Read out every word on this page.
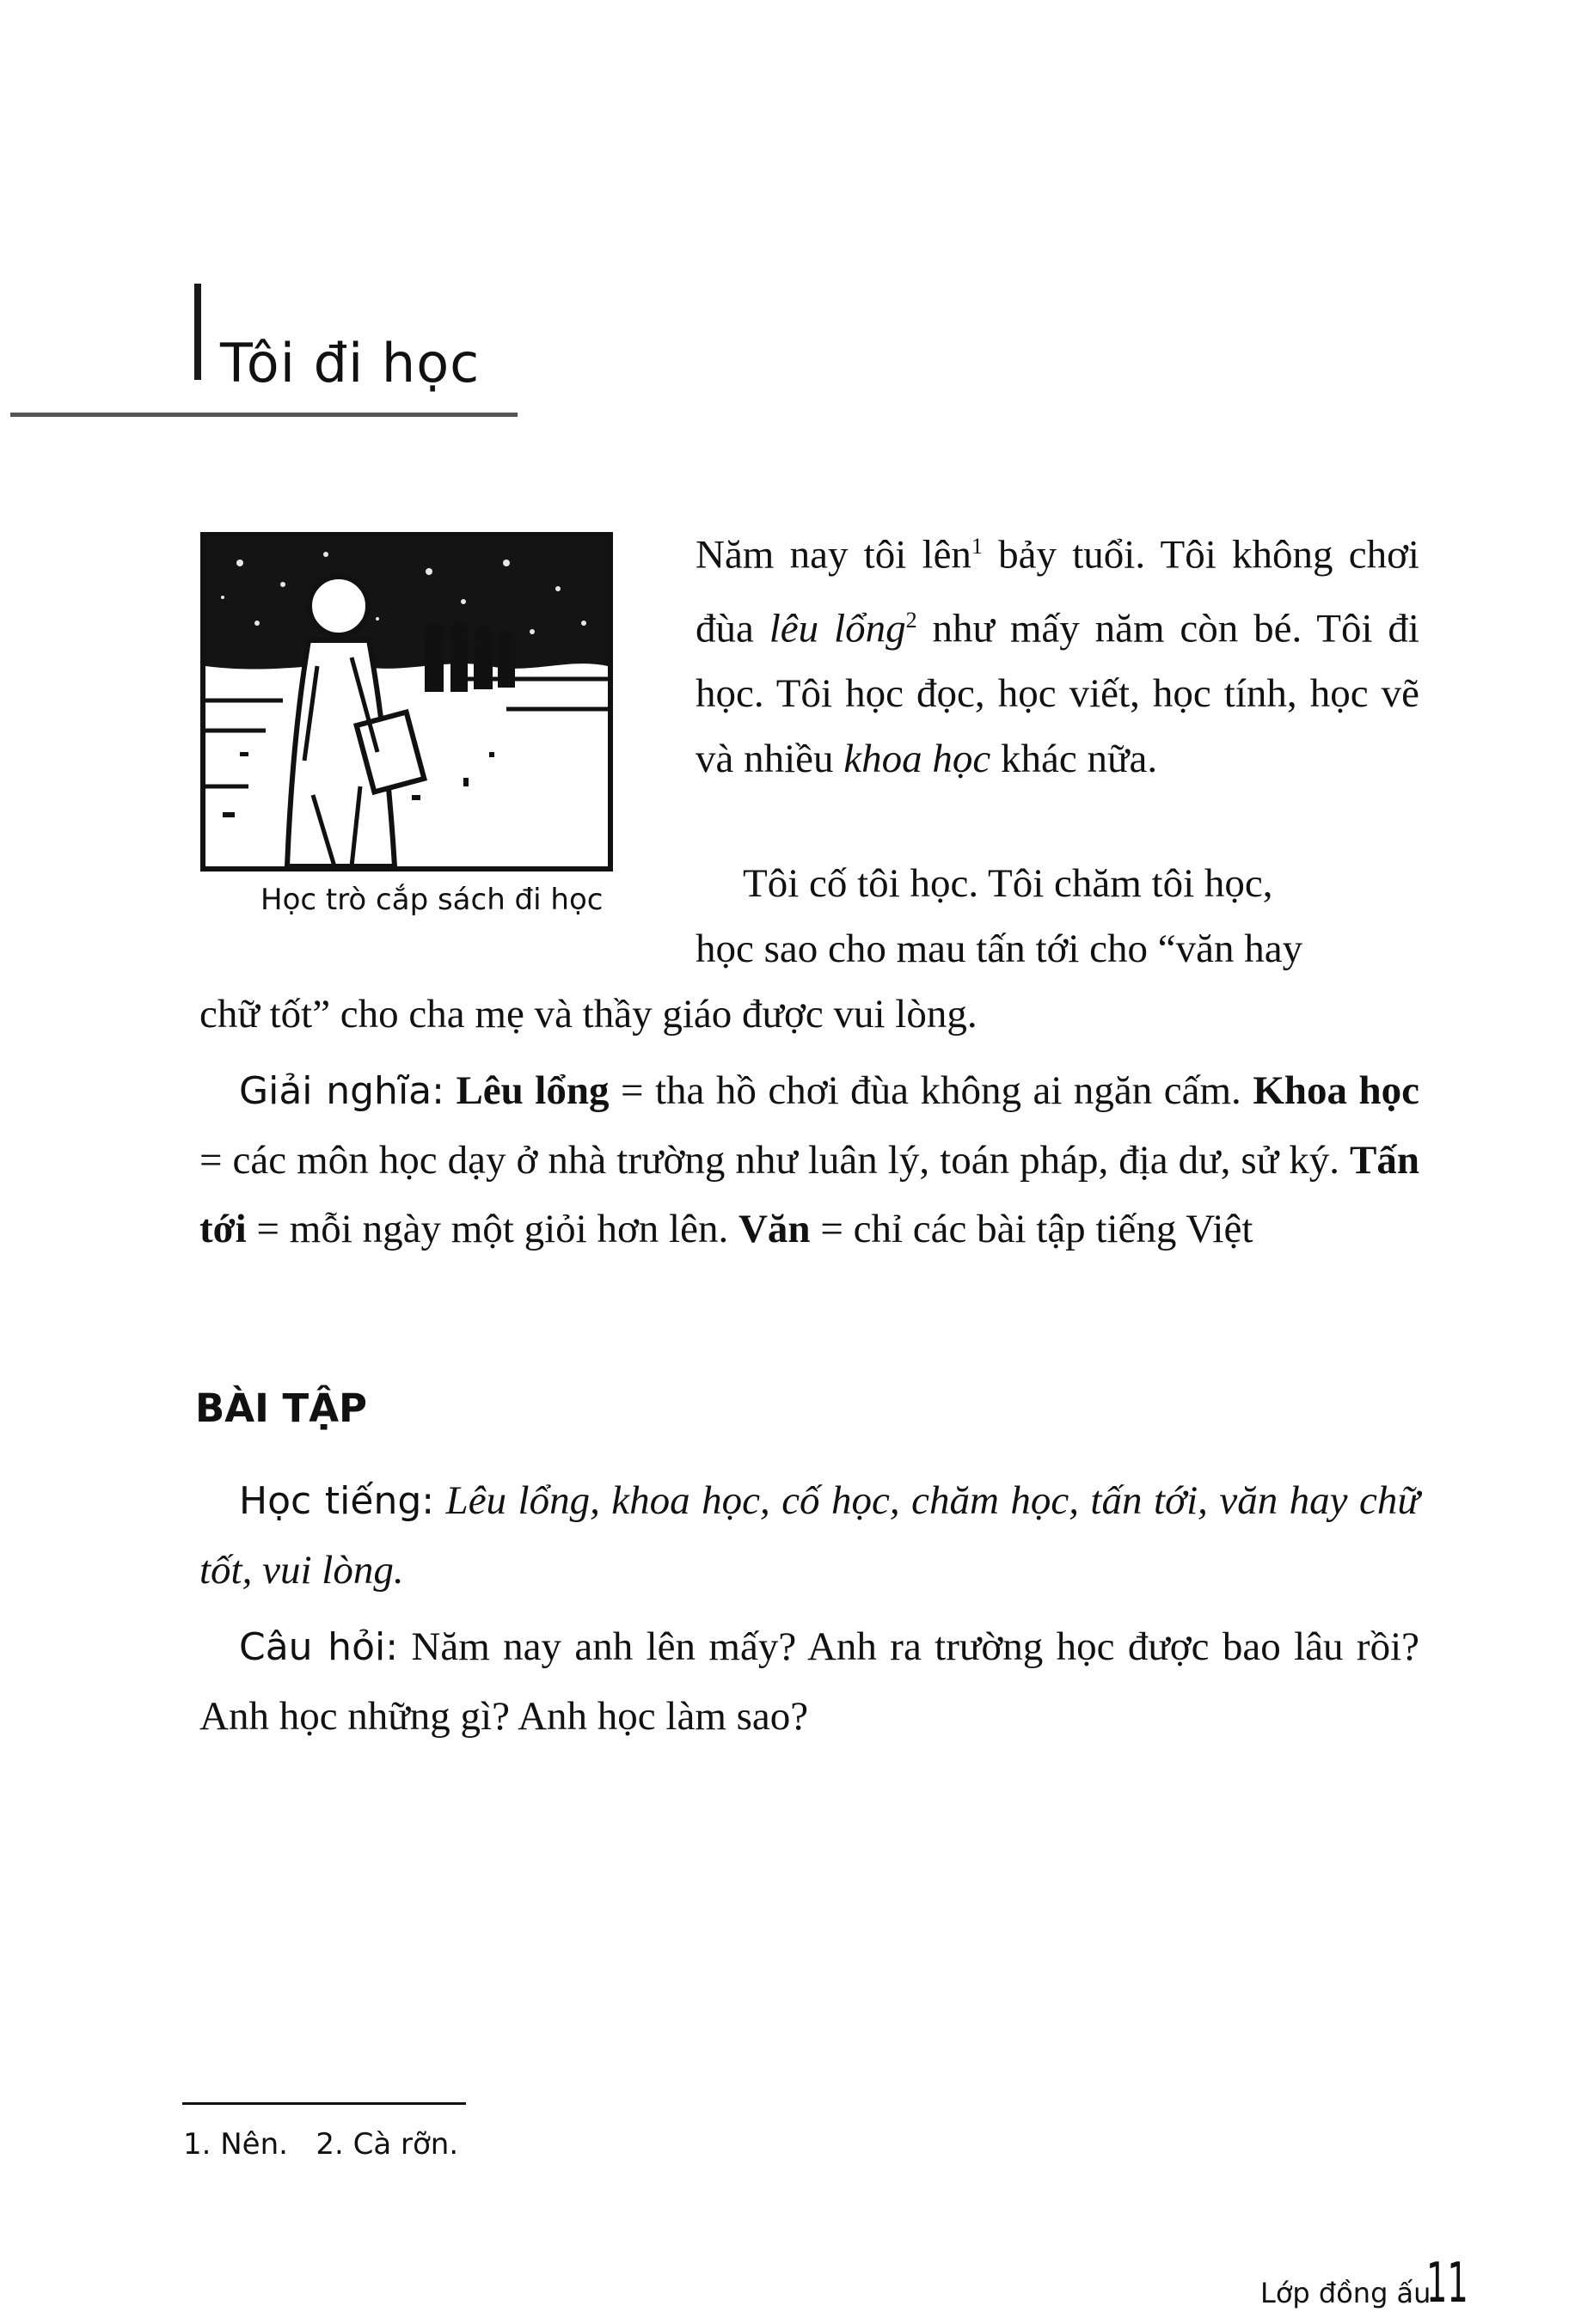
Tôi đi học
Học trò cắp sách đi học

Năm nay tôi lên$^1$ bảy tuổi. Tôi không chơi đùa lêu lổng$^2$ như mấy năm còn bé. Tôi đi học. Tôi học đọc, học viết, học tính, học vẽ và nhiều khoa học khác nữa.

Tôi cố tôi học. Tôi chăm tôi học,
học sao cho mau tấn tới cho “văn hay
chữ tốt” cho cha mẹ và thầy giáo được vui lòng.

Giải nghĩa: Lêu lổng = tha hồ chơi đùa không ai ngăn cấm. Khoa học = các môn học dạy ở nhà trường như luân lý, toán pháp, địa dư, sử ký. Tấn tới = mỗi ngày một giỏi hơn lên. Văn = chỉ các bài tập tiếng Việt

BÀI TẬP

Học tiếng: Lêu lổng, khoa học, cố học, chăm học, tấn tới, văn hay chữ tốt, vui lòng.

Câu hỏi: Năm nay anh lên mấy? Anh ra trường học được bao lâu rồi? Anh học những gì? Anh học làm sao?

1. Nên.   2. Cà rỡn.
Lớp đồng ấu
11
